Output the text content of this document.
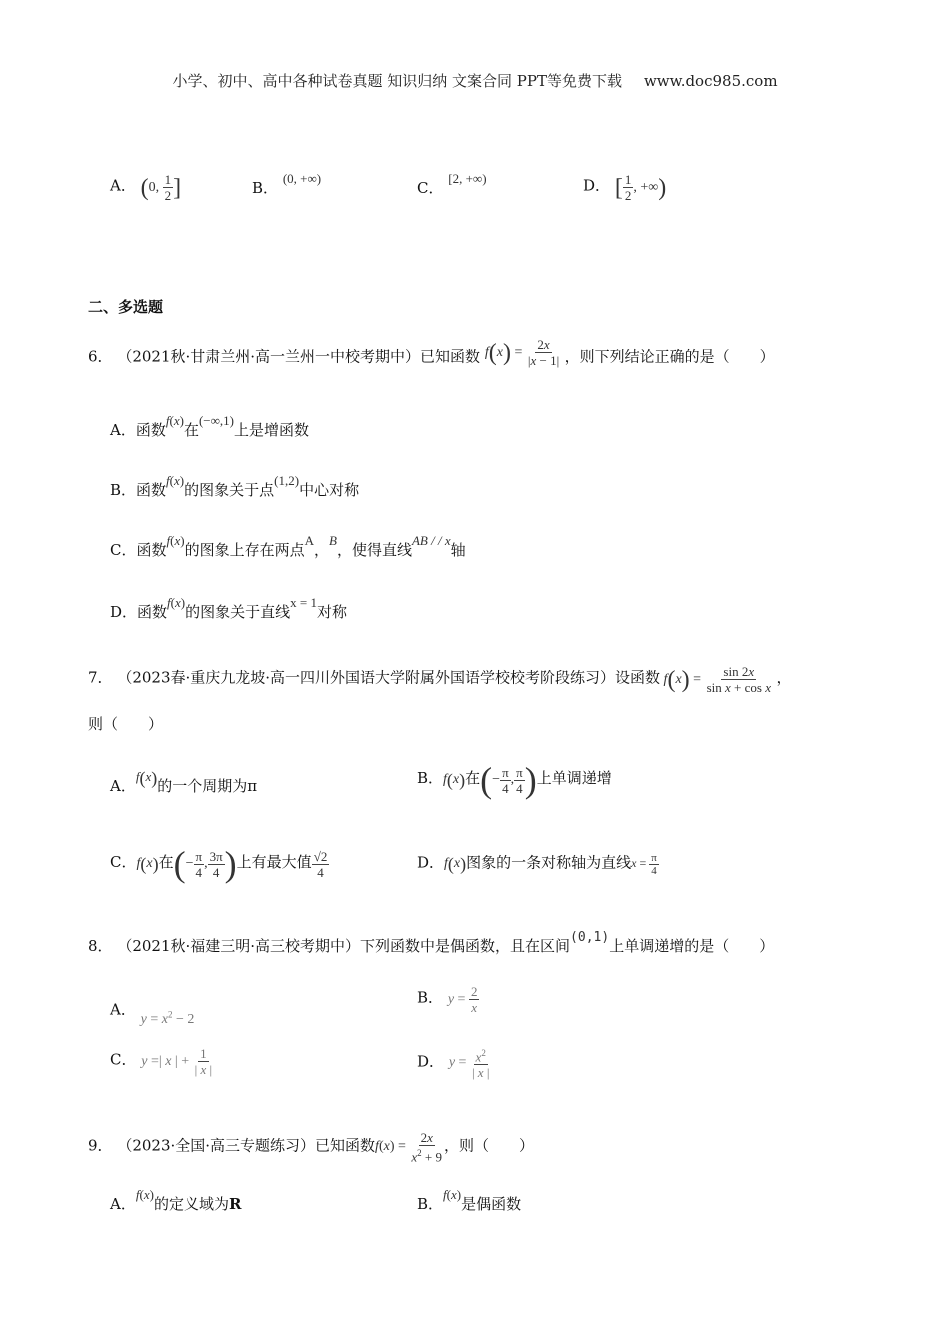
小学、初中、高中各种试卷真题 知识归纳 文案合同 PPT等免费下载 www.doc985.com
A． (0, $\frac{1}{2}$ ]	B． (0, +∞)
C． [2, +∞)	D． [ $\frac{1}{2}$ , +∞)
二、多选题
6． （2021秋·甘肃兰州·高一兰州一中校考期中）已知函数 $f(x) = \frac{2x}{|x - 1|}$ ，则下列结论正确的是（　　）
A．函数f(x)在(−∞,1)上是增函数
B．函数f(x)的图象关于点(1,2)中心对称
C．函数f(x)的图象上存在两点A，B，使得直线AB / / x轴
D．函数f(x)的图象关于直线x = 1对称
7． （2023春·重庆九龙坡·高一四川外国语大学附属外国语学校校考阶段练习）设函数 $f(x) = \frac{\sin 2x}{\text{sin x + cos x}}$ ，
则（　　）
A．f(x)的一个周期为π	B．f(x)在(− $\frac{\pi}{4}$ , $\frac{\pi}{4}$ )上单调递增
C．f(x)在(− $\frac{\pi}{4}$ , $\frac{3\pi}{4}$ )上有最大值 $\frac{√2}{4}$	D．f(x)图象的一条对称轴为直线$x = \frac{\pi}{4}$
8． （2021秋·福建三明·高三校考期中）下列函数中是偶函数，且在区间(0,1)上单调递增的是（　　）
A． $y = x^2 - 2$
B． $y = \frac{2}{x}$
C． y =| x | + $\frac{1}{| x |}$	D． $y = \frac{x^2}{| x |}$
9． （2023·全国·高三专题练习）已知函数$f(x) = \frac{2x}{x^2 + 9}$ ，则（　　）
A．f(x)的定义域为R	B．f(x)是偶函数
